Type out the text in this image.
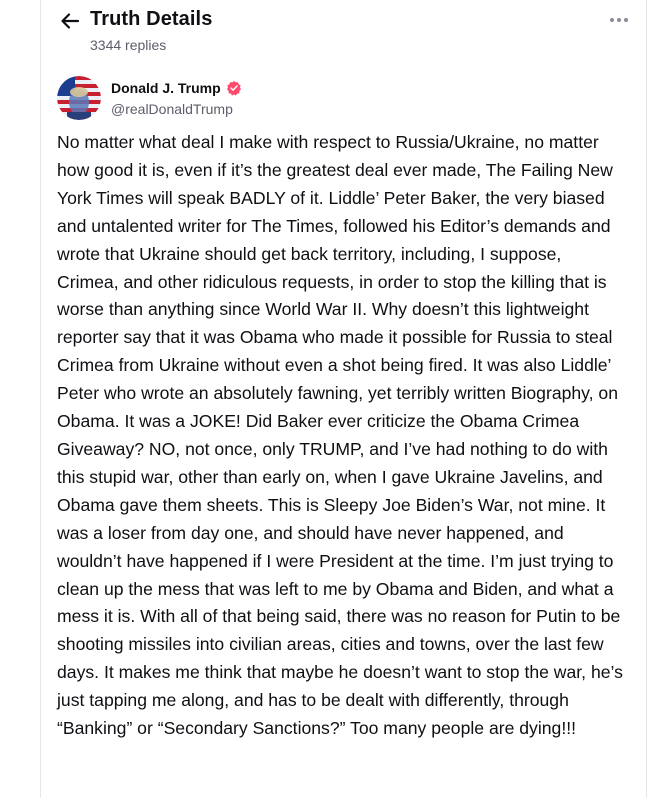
Truth Details
3344 replies
Donald J. Trump
@realDonaldTrump

No matter what deal I make with respect to Russia/Ukraine, no matter how good it is, even if it’s the greatest deal ever made, The Failing New York Times will speak BADLY of it. Liddle’ Peter Baker, the very biased and untalented writer for The Times, followed his Editor’s demands and wrote that Ukraine should get back territory, including, I suppose, Crimea, and other ridiculous requests, in order to stop the killing that is worse than anything since World War II. Why doesn’t this lightweight reporter say that it was Obama who made it possible for Russia to steal Crimea from Ukraine without even a shot being fired. It was also Liddle’ Peter who wrote an absolutely fawning, yet terribly written Biography, on Obama. It was a JOKE! Did Baker ever criticize the Obama Crimea Giveaway? NO, not once, only TRUMP, and I’ve had nothing to do with this stupid war, other than early on, when I gave Ukraine Javelins, and Obama gave them sheets. This is Sleepy Joe Biden’s War, not mine. It was a loser from day one, and should have never happened, and wouldn’t have happened if I were President at the time. I’m just trying to clean up the mess that was left to me by Obama and Biden, and what a mess it is. With all of that being said, there was no reason for Putin to be shooting missiles into civilian areas, cities and towns, over the last few days. It makes me think that maybe he doesn’t want to stop the war, he’s just tapping me along, and has to be dealt with differently, through “Banking” or “Secondary Sanctions?” Too many people are dying!!!
